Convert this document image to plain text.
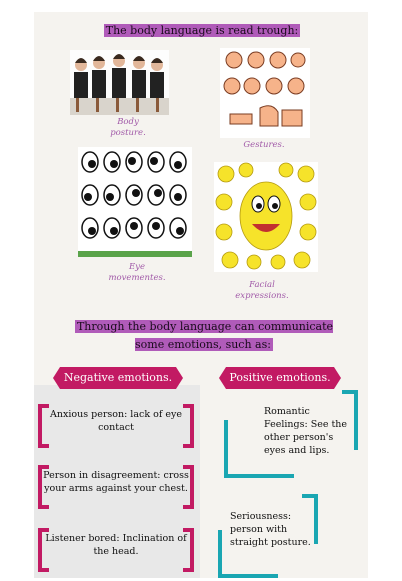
The body language is read trough:
Body posture.
Gestures.
Eye movementes.
Facial expressions.
Through the body language can communicate some emotions, such as:
Negative emotions.
Anxious person: lack of eye contact
Person in disagreement: cross your arms against your chest.
Listener bored: Inclination of the head.
Positive emotions.
Romantic Feelings: See the other person's eyes and lips.
Seriousness: person with straight posture.
